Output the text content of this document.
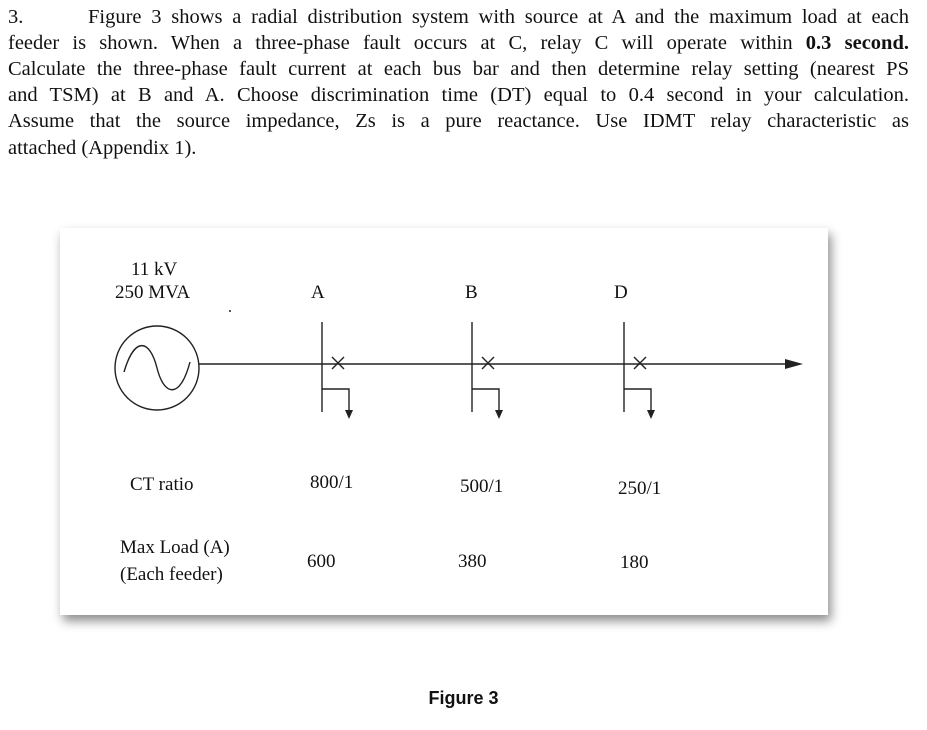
3.	Figure 3 shows a radial distribution system with source at A and the maximum load at each
feeder is shown. When a three-phase fault occurs at C, relay C will operate within 0.3 second.
Calculate the three-phase fault current at each bus bar and then determine relay setting (nearest PS
and TSM) at B and A. Choose discrimination time (DT) equal to 0.4 second in your calculation.
Assume that the source impedance, Zs is a pure reactance. Use IDMT relay characteristic as
attached (Appendix 1).
11 kV
250 MVA	A	B	D
CT ratio	800/1	500/1	250/1
Max Load (A)
(Each feeder)
600	380	180
Figure 3
